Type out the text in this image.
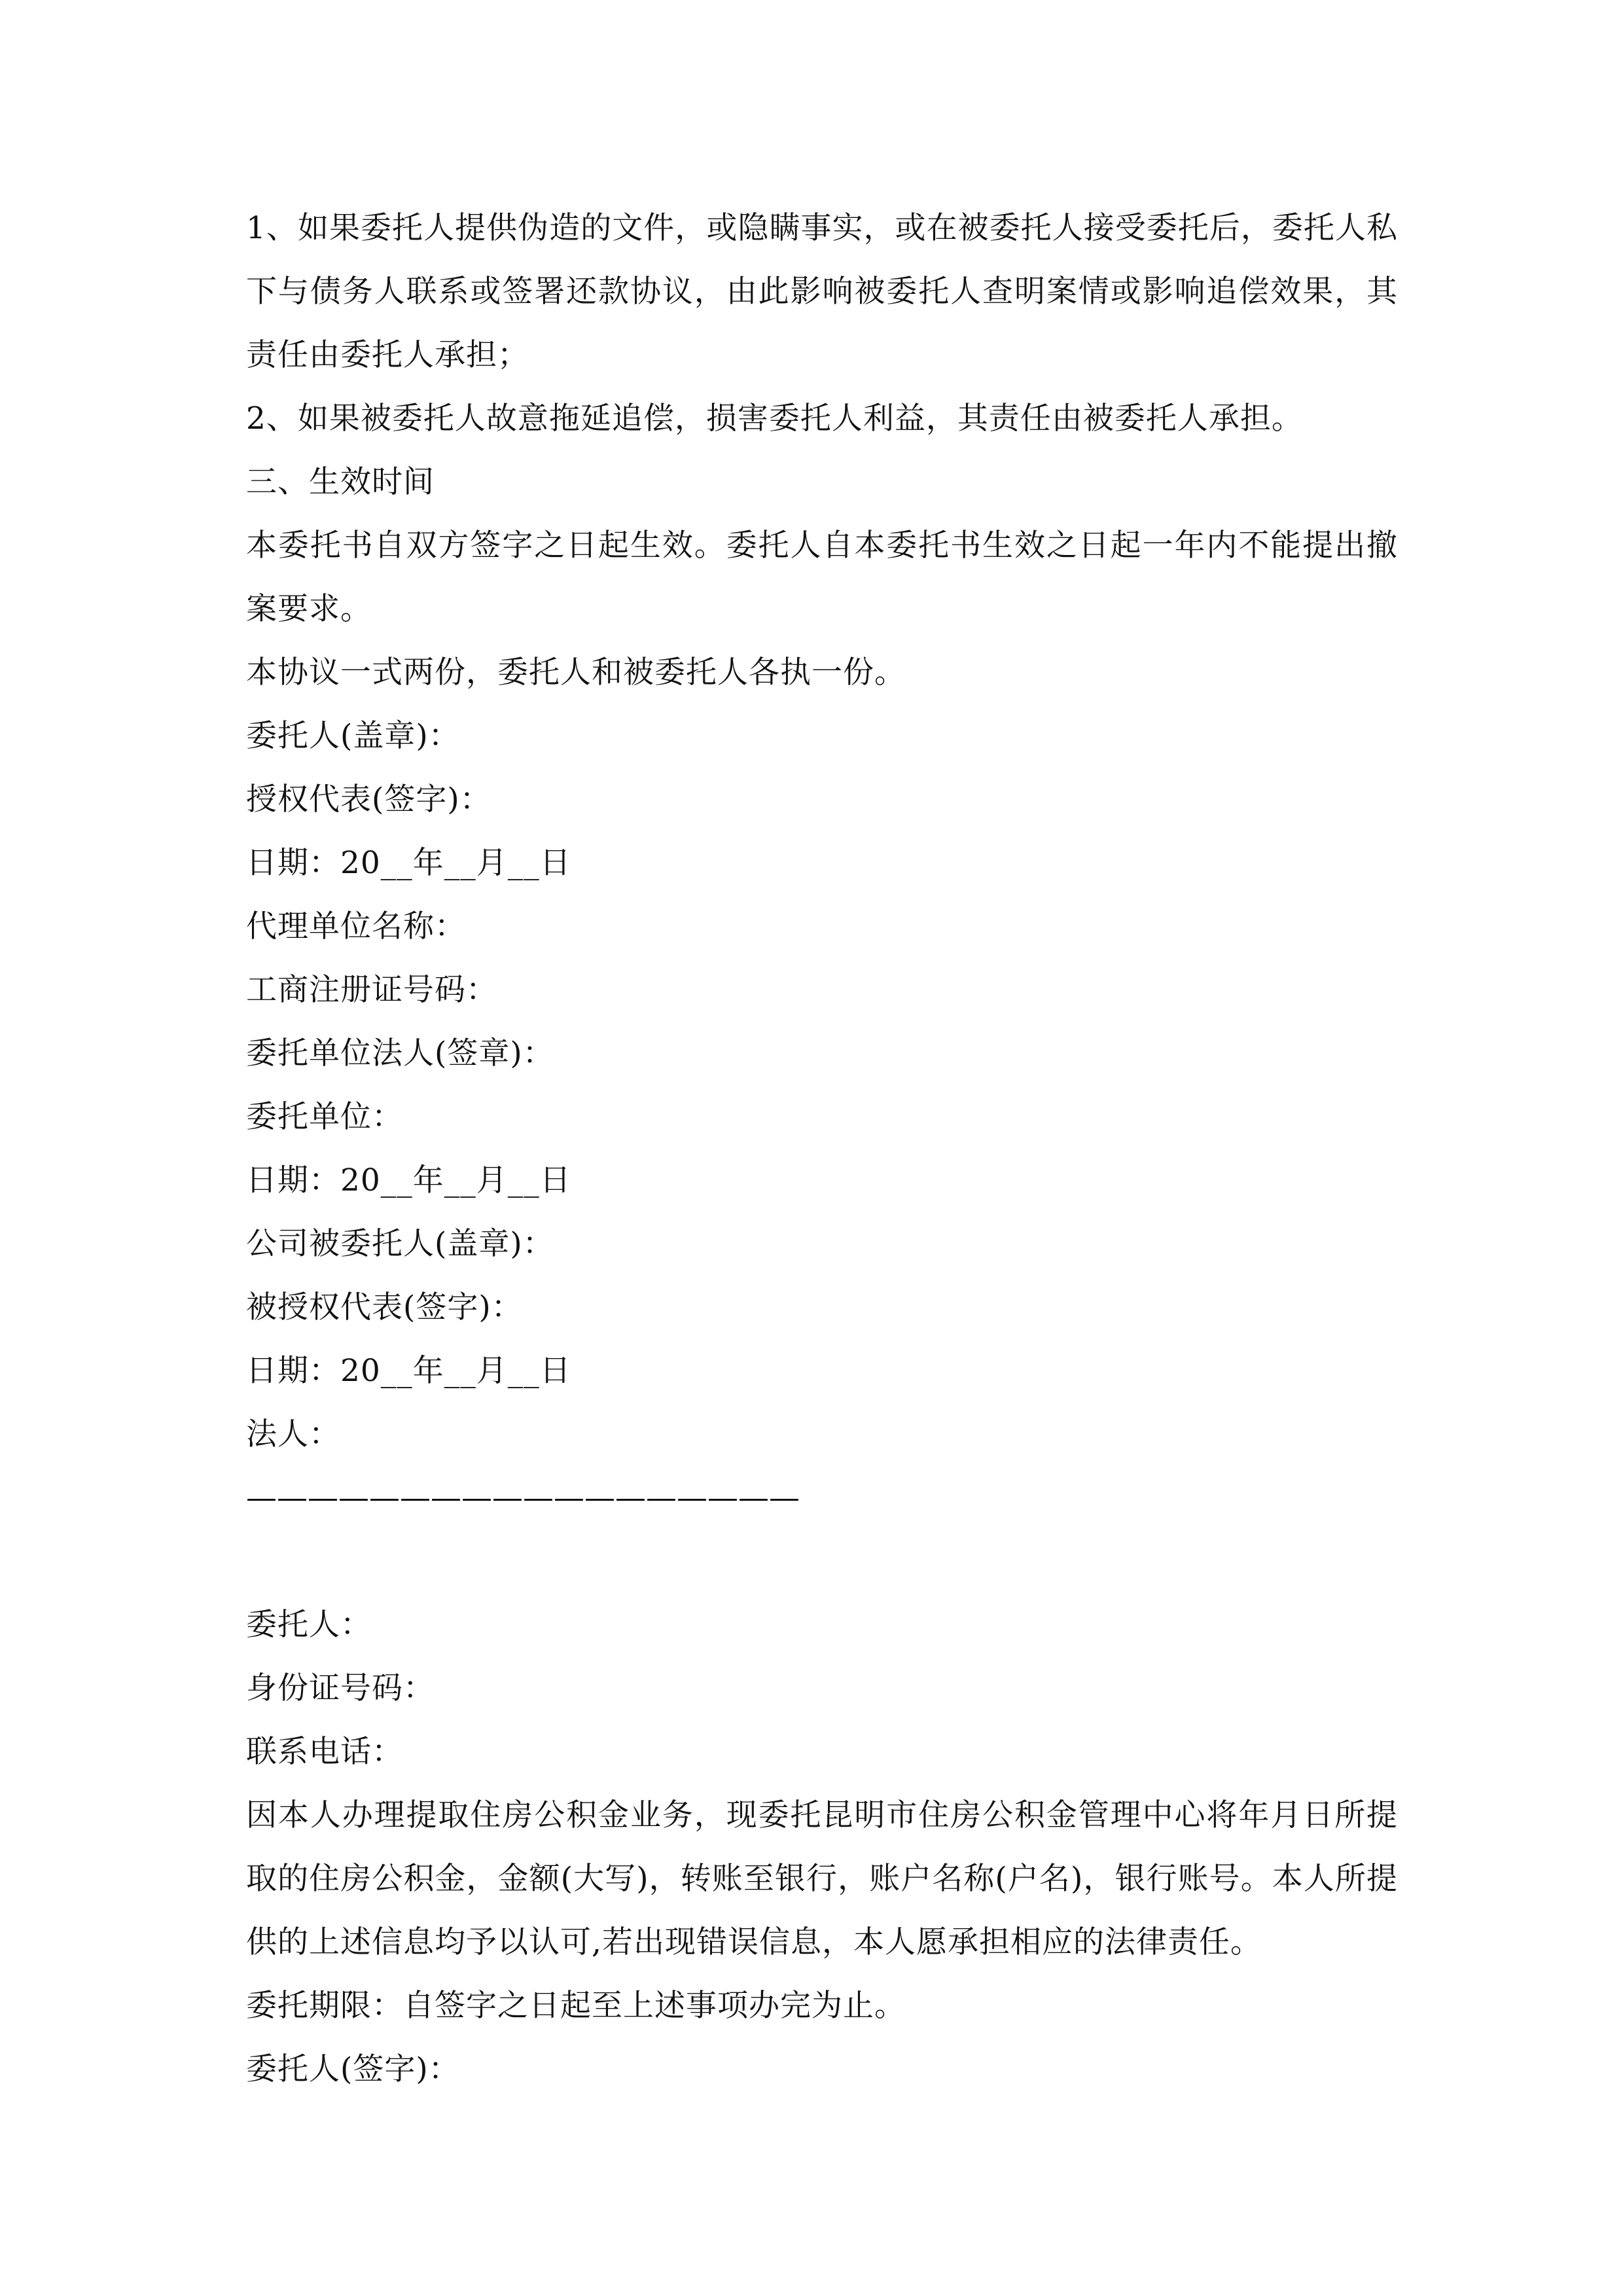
1、如果委托人提供伪造的文件，或隐瞒事实，或在被委托人接受委托后，委托人私下与债务人联系或签署还款协议，由此影响被委托人查明案情或影响追偿效果，其责任由委托人承担；

2、如果被委托人故意拖延追偿，损害委托人利益，其责任由被委托人承担。

三、生效时间

本委托书自双方签字之日起生效。委托人自本委托书生效之日起一年内不能提出撤案要求。

本协议一式两份，委托人和被委托人各执一份。

委托人(盖章)：

授权代表(签字)：

日期：20__年__月__日

代理单位名称：

工商注册证号码：

委托单位法人(签章)：

委托单位：

日期：20__年__月__日

公司被委托人(盖章)：

被授权代表(签字)：

日期：20__年__月__日

法人：

——————————————————

委托人：

身份证号码：

联系电话：

因本人办理提取住房公积金业务，现委托昆明市住房公积金管理中心将年月日所提取的住房公积金，金额(大写)，转账至银行，账户名称(户名)，银行账号。本人所提供的上述信息均予以认可,若出现错误信息，本人愿承担相应的法律责任。

委托期限：自签字之日起至上述事项办完为止。

委托人(签字)：
